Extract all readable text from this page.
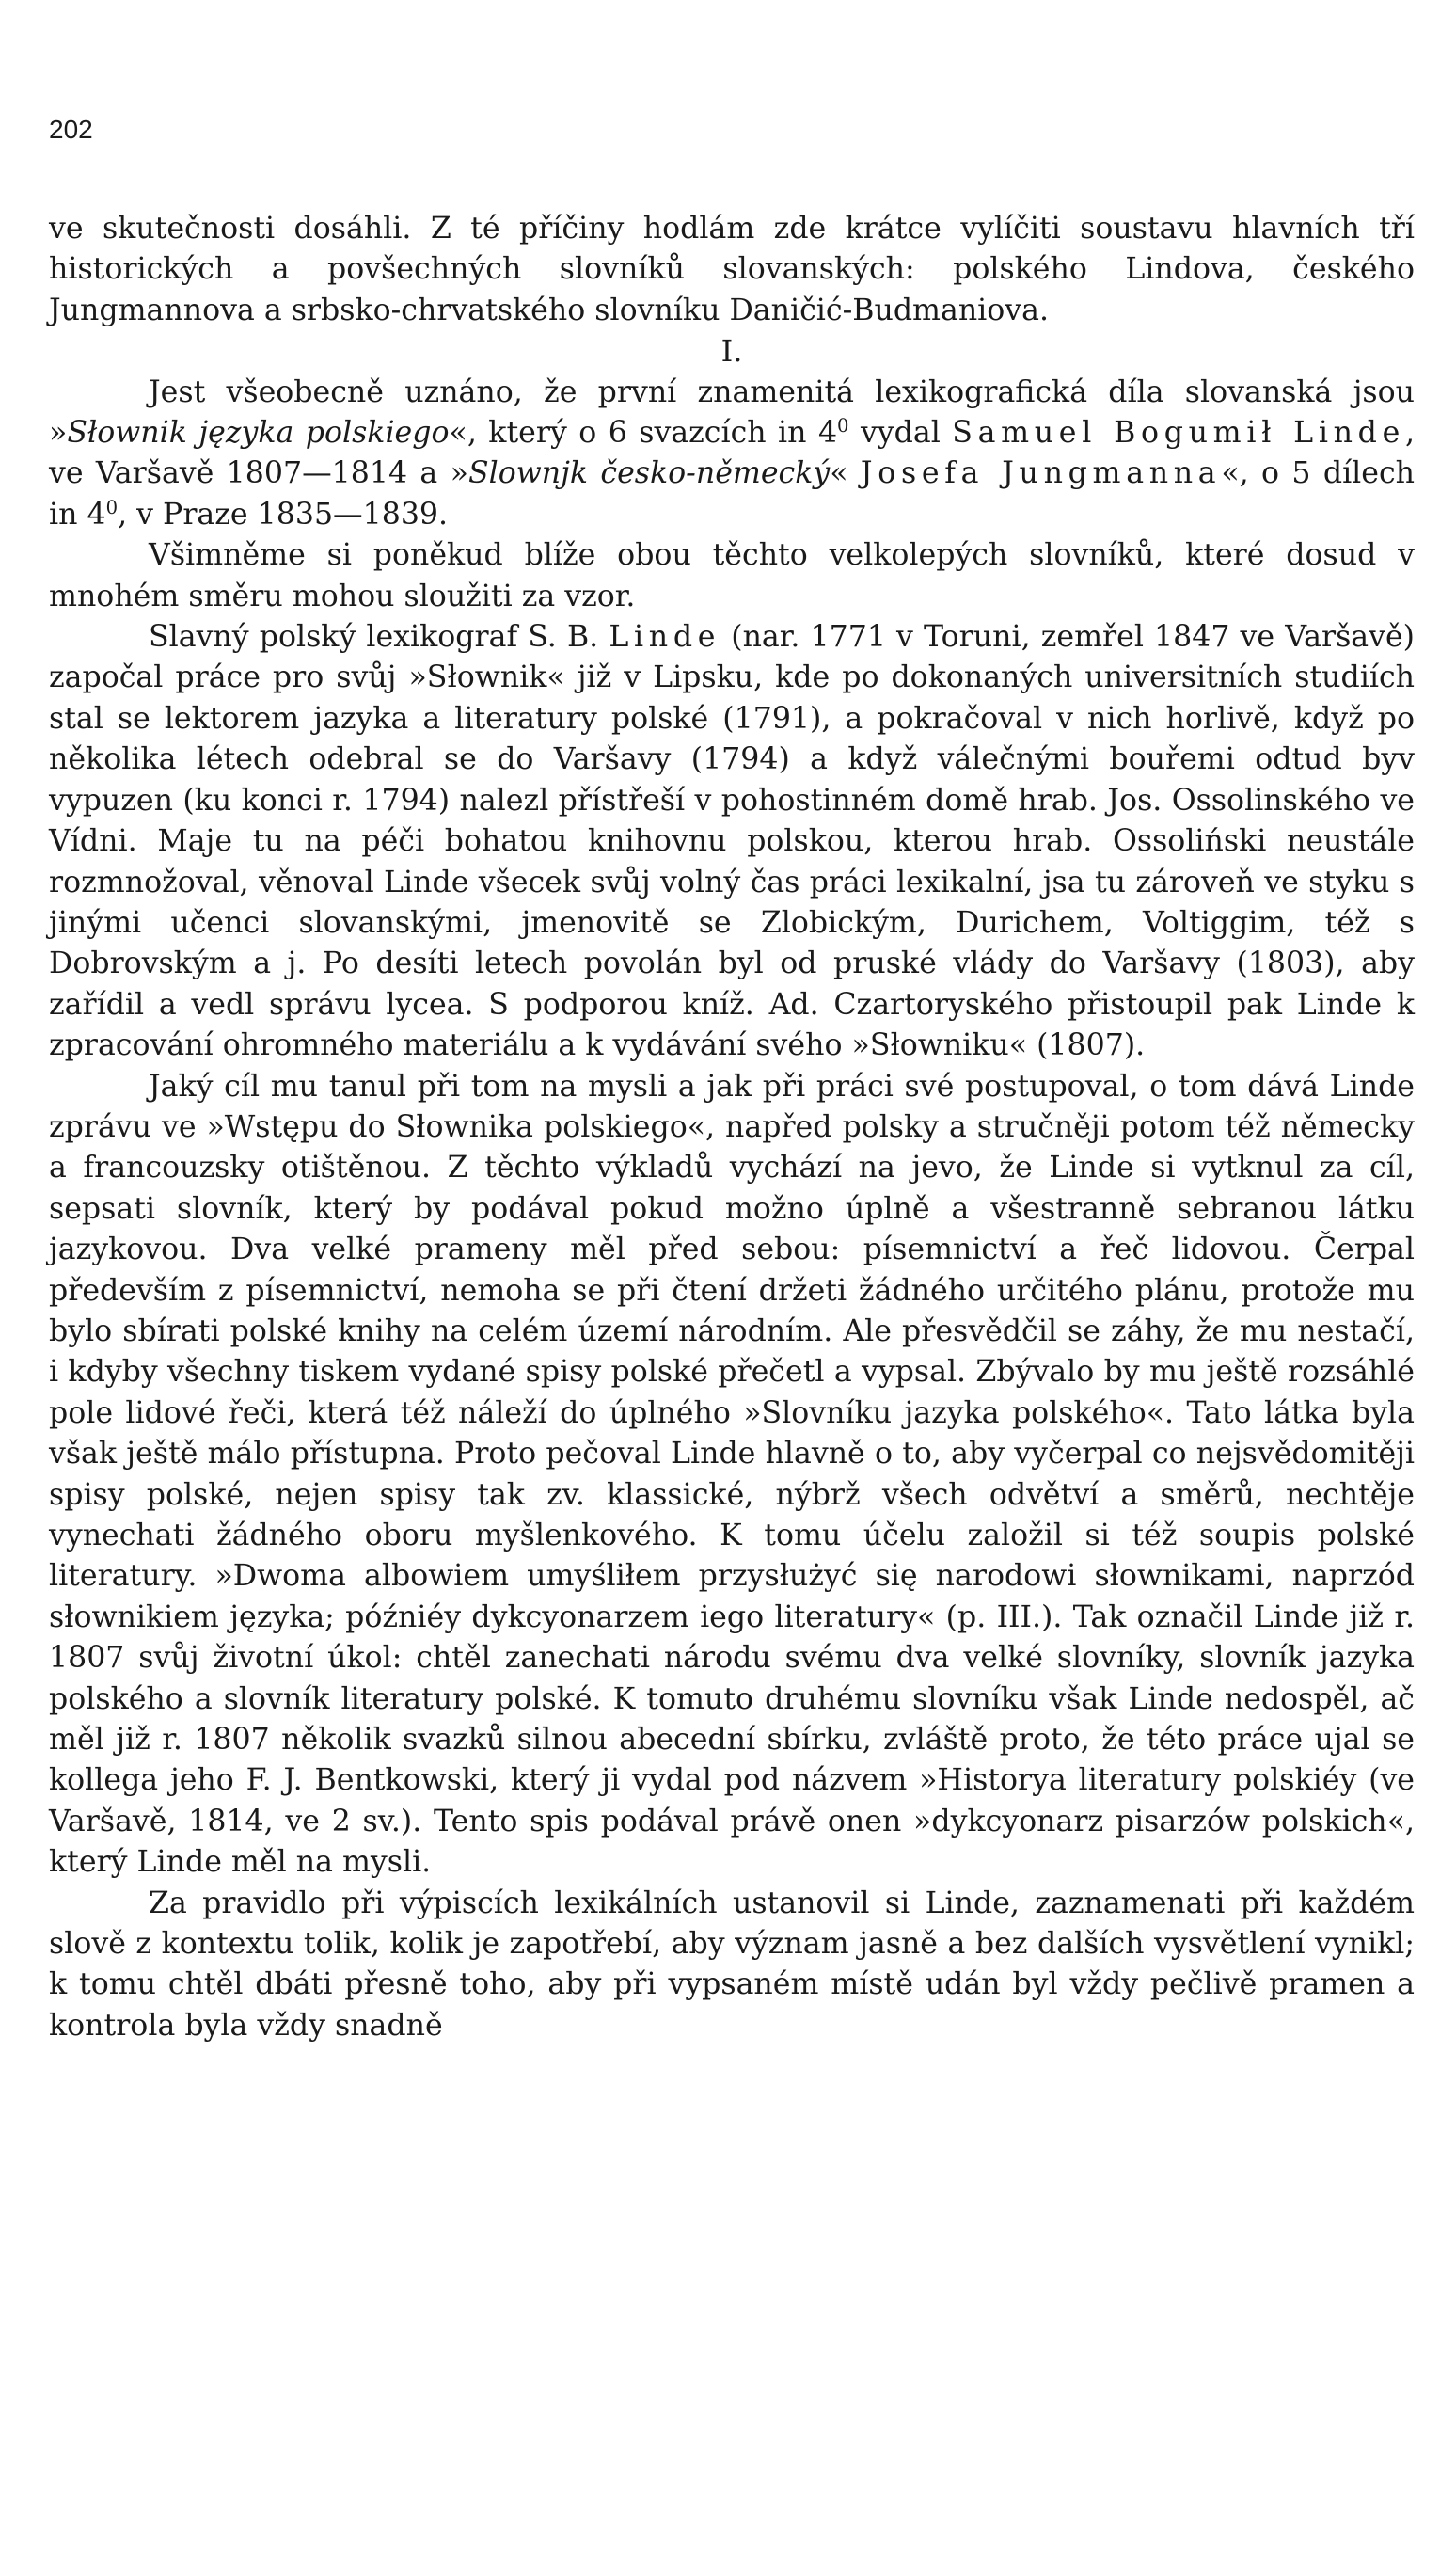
202

ve skutečnosti dosáhli. Z té příčiny hodlám zde krátce vylíčiti soustavu hlavních tří historických a povšechných slovníků slovanských: polského Lindova, českého Jungmannova a srbsko-chrvatského slovníku Daničić-Budmaniova.

I.

Jest všeobecně uznáno, že první znamenitá lexikografická díla slovanská jsou »Słownik języka polskiego«, který o 6 svazcích in $4^0$ vydal Samuel Bogumił Linde, ve Varšavě 1807—1814 a »Slownjk česko-německý« Josefa Jungmanna«, o 5 dílech in $4^0$, v Praze 1835—1839.

Všimněme si poněkud blíže obou těchto velkolepých slovníků, které dosud v mnohém směru mohou sloužiti za vzor.

Slavný polský lexikograf S. B. Linde (nar. 1771 v Toruni, zemřel 1847 ve Varšavě) započal práce pro svůj »Słownik« již v Lipsku, kde po dokonaných universitních studiích stal se lektorem jazyka a literatury polské (1791), a pokračoval v nich horlivě, když po několika létech odebral se do Varšavy (1794) a když válečnými bouřemi odtud byv vypuzen (ku konci r. 1794) nalezl přístřeší v pohostinném domě hrab. Jos. Ossolinského ve Vídni. Maje tu na péči bohatou knihovnu polskou, kterou hrab. Ossoliński neustále rozmnožoval, věnoval Linde všecek svůj volný čas práci lexikalní, jsa tu zároveň ve styku s jinými učenci slovanskými, jmenovitě se Zlobickým, Durichem, Voltiggim, též s Dobrovským a j. Po desíti letech povolán byl od pruské vlády do Varšavy (1803), aby zařídil a vedl správu lycea. S podporou kníž. Ad. Czartoryského přistoupil pak Linde k zpracování ohromného materiálu a k vydávání svého »Słowniku« (1807).

Jaký cíl mu tanul při tom na mysli a jak při práci své postupoval, o tom dává Linde zprávu ve »Wstępu do Słownika polskiego«, napřed polsky a stručněji potom též německy a francouzsky otištěnou. Z těchto výkladů vychází na jevo, že Linde si vytknul za cíl, sepsati slovník, který by podával pokud možno úplně a všestranně sebranou látku jazykovou. Dva velké prameny měl před sebou: písemnictví a řeč lidovou. Čerpal především z písemnictví, nemoha se při čtení držeti žádného určitého plánu, protože mu bylo sbírati polské knihy na celém území národním. Ale přesvědčil se záhy, že mu nestačí, i kdyby všechny tiskem vydané spisy polské přečetl a vypsal. Zbývalo by mu ještě rozsáhlé pole lidové řeči, která též náleží do úplného »Slovníku jazyka polského«. Tato látka byla však ještě málo přístupna. Proto pečoval Linde hlavně o to, aby vyčerpal co nejsvědomitěji spisy polské, nejen spisy tak zv. klassické, nýbrž všech odvětví a směrů, nechtěje vynechati žádného oboru myšlenkového. K tomu účelu založil si též soupis polské literatury. »Dwoma albowiem umyśliłem przysłużyć się narodowi słownikami, naprzód słownikiem języka; późniéy dykcyonarzem iego literatury« (p. III.). Tak označil Linde již r. 1807 svůj životní úkol: chtěl zanechati národu svému dva velké slovníky, slovník jazyka polského a slovník literatury polské. K tomuto druhému slovníku však Linde nedospěl, ač měl již r. 1807 několik svazků silnou abecední sbírku, zvláště proto, že této práce ujal se kollega jeho F. J. Bentkowski, který ji vydal pod názvem »Historya literatury polskiéy (ve Varšavě, 1814, ve 2 sv.). Tento spis podával právě onen »dykcyonarz pisarzów polskich«, který Linde měl na mysli.

Za pravidlo při výpiscích lexikálních ustanovil si Linde, zaznamenati při každém slově z kontextu tolik, kolik je zapotřebí, aby význam jasně a bez dalších vysvětlení vynikl; k tomu chtěl dbáti přesně toho, aby při vypsaném místě udán byl vždy pečlivě pramen a kontrola byla vždy snadně
